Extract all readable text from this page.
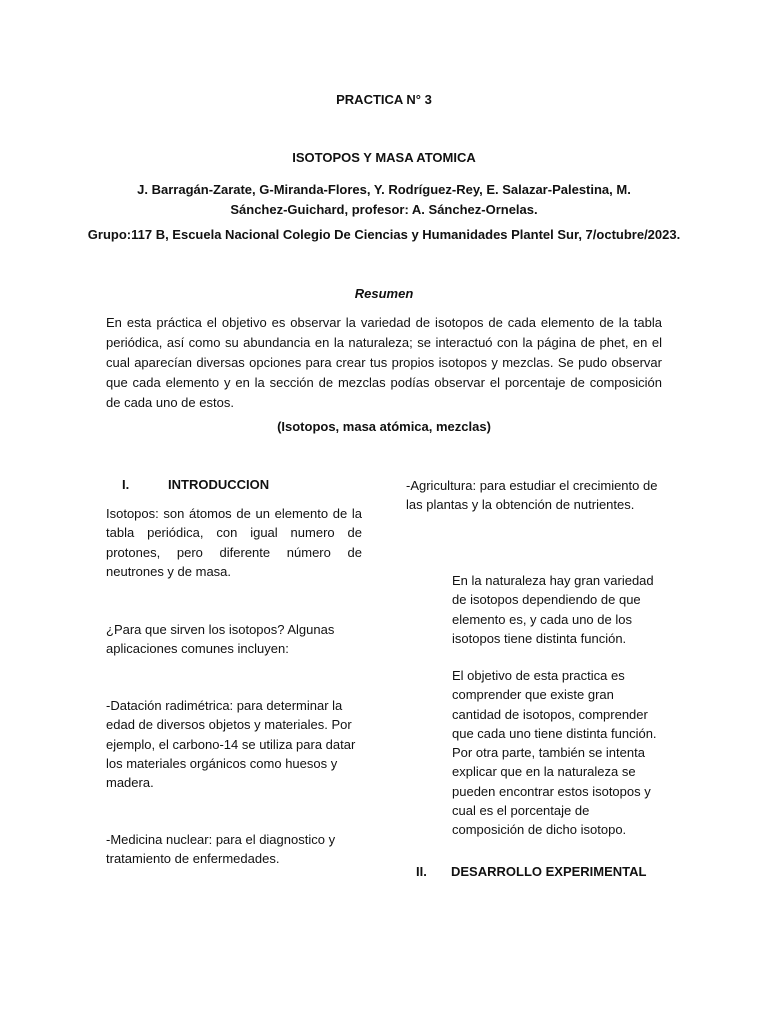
PRACTICA N° 3
ISOTOPOS Y MASA ATOMICA
J. Barragán-Zarate, G-Miranda-Flores, Y. Rodríguez-Rey, E. Salazar-Palestina, M. Sánchez-Guichard, profesor: A. Sánchez-Ornelas.
Grupo:117 B, Escuela Nacional Colegio De Ciencias y Humanidades Plantel Sur, 7/octubre/2023.
Resumen

En esta práctica el objetivo es observar la variedad de isotopos de cada elemento de la tabla periódica, así como su abundancia en la naturaleza; se interactuó con la página de phet, en el cual aparecían diversas opciones para crear tus propios isotopos y mezclas. Se pudo observar que cada elemento y en la sección de mezclas podías observar el porcentaje de composición de cada uno de estos.

(Isotopos, masa atómica, mezclas)
I.	INTRODUCCION

Isotopos: son átomos de un elemento de la tabla periódica, con igual numero de protones, pero diferente número de neutrones y de masa.

¿Para que sirven los isotopos? Algunas aplicaciones comunes incluyen:

-Datación radimétrica: para determinar la edad de diversos objetos y materiales. Por ejemplo, el carbono-14 se utiliza para datar los materiales orgánicos como huesos y madera.

-Medicina nuclear: para el diagnostico y tratamiento de enfermedades.

-Agricultura: para estudiar el crecimiento de las plantas y la obtención de nutrientes.

En la naturaleza hay gran variedad de isotopos dependiendo de que elemento es, y cada uno de los isotopos tiene distinta función.

El objetivo de esta practica es comprender que existe gran cantidad de isotopos, comprender que cada uno tiene distinta función. Por otra parte, también se intenta explicar que en la naturaleza se pueden encontrar estos isotopos y cual es el porcentaje de composición de dicho isotopo.

II. DESARROLLO EXPERIMENTAL
